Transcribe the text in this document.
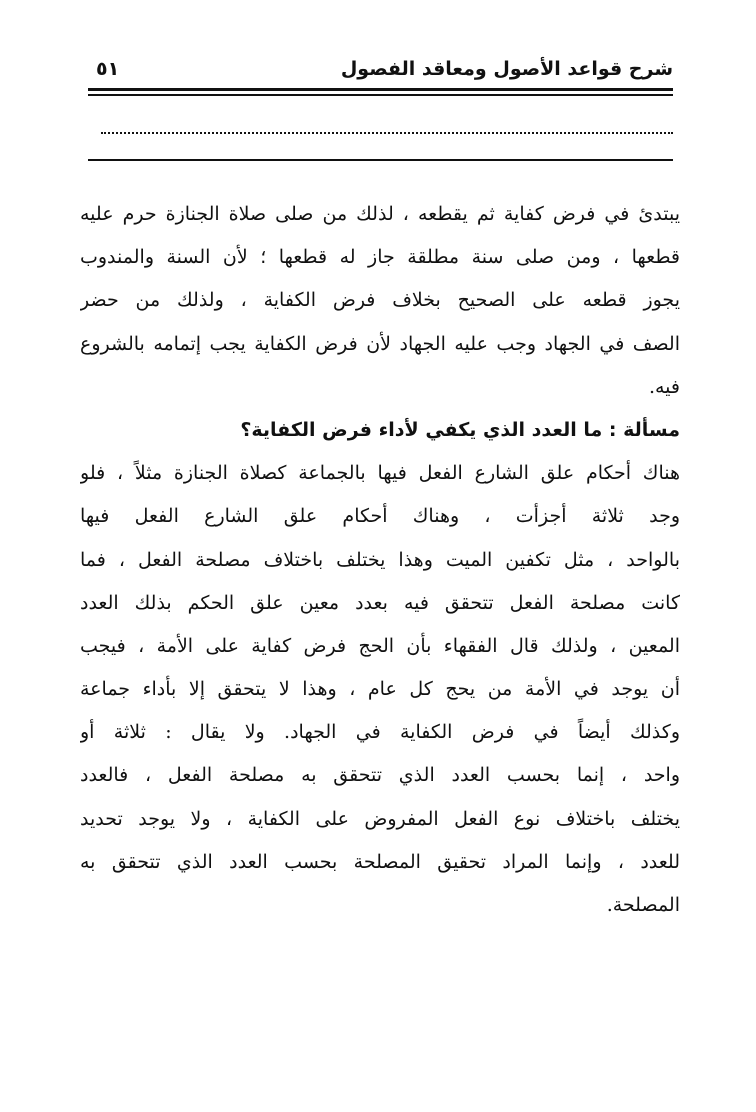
شرح قواعد الأصول ومعاقد الفصول
٥١
يبتدئ في فرض كفاية ثم يقطعه ، لذلك من صلى صلاة الجنازة حرم عليه
قطعها ، ومن صلى سنة مطلقة جاز له قطعها ؛ لأن السنة والمندوب
يجوز قطعه على الصحيح بخلاف فرض الكفاية ، ولذلك من حضر
الصف في الجهاد وجب عليه الجهاد لأن فرض الكفاية يجب إتمامه بالشروع
فيه.
مسألة : ما العدد الذي يكفي لأداء فرض الكفاية؟
هناك أحكام علق الشارع الفعل فيها بالجماعة كصلاة الجنازة مثلاً ، فلو
وجد ثلاثة أجزأت ، وهناك أحكام علق الشارع الفعل فيها
بالواحد ، مثل تكفين الميت وهذا يختلف باختلاف مصلحة الفعل ، فما
كانت مصلحة الفعل تتحقق فيه بعدد معين علق الحكم بذلك العدد
المعين ، ولذلك قال الفقهاء بأن الحج فرض كفاية على الأمة ، فيجب
أن يوجد في الأمة من يحج كل عام ، وهذا لا يتحقق إلا بأداء جماعة
وكذلك أيضاً في فرض الكفاية في الجهاد. ولا يقال : ثلاثة أو
واحد ، إنما بحسب العدد الذي تتحقق به مصلحة الفعل ، فالعدد
يختلف باختلاف نوع الفعل المفروض على الكفاية ، ولا يوجد تحديد
للعدد ، وإنما المراد تحقيق المصلحة بحسب العدد الذي تتحقق به
المصلحة.
